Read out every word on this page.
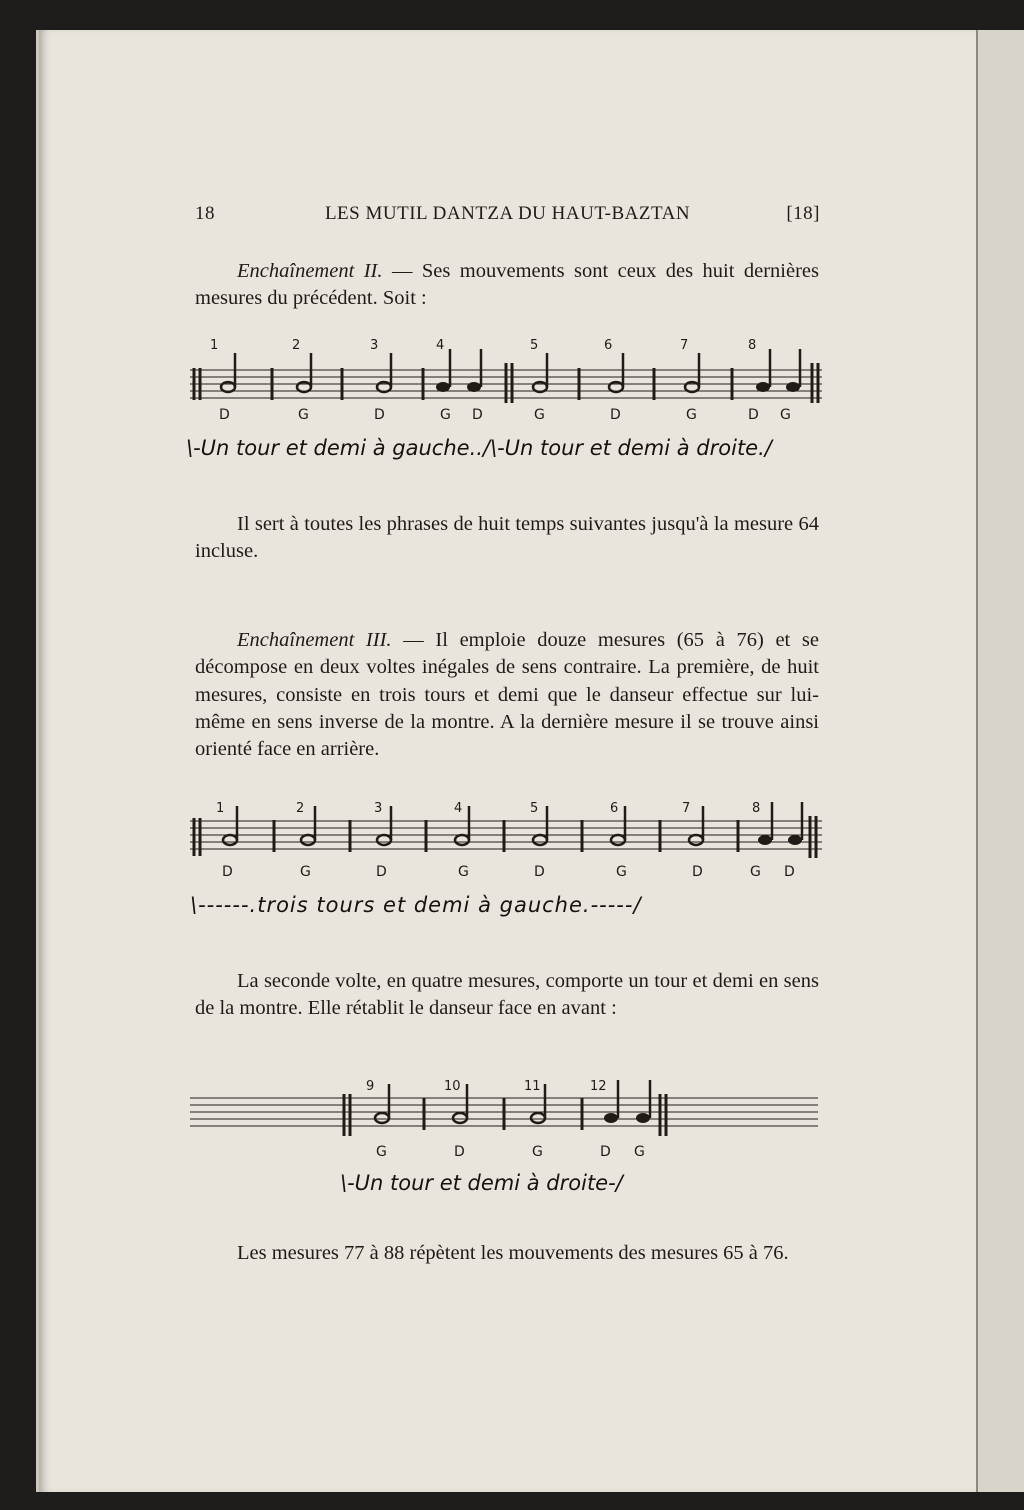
18	LES MUTIL DANTZA DU HAUT-BAZTAN	[18]

Enchaînement II. — Ses mouvements sont ceux des huit dernières mesures du précédent. Soit :

1	2	3	4	5	6	7	8
D	G	D	G D	G	D	G	D G
\-Un tour et demi à gauche../\-Un tour et demi à droite./

Il sert à toutes les phrases de huit temps suivantes jusqu'à la mesure 64 incluse.

Enchaînement III. — Il emploie douze mesures (65 à 76) et se décompose en deux voltes inégales de sens contraire. La première, de huit mesures, consiste en trois tours et demi que le danseur effectue sur lui-même en sens inverse de la montre. A la dernière mesure il se trouve ainsi orienté face en arrière.

1	2	3	4	5	6	7	8
D	G	D	G	D	G	D	G D
\------.trois tours et demi à gauche.-----/

La seconde volte, en quatre mesures, comporte un tour et demi en sens de la montre. Elle rétablit le danseur face en avant :

9	10	11	12
G	D	G	D G
\-Un tour et demi à droite-/

Les mesures 77 à 88 répètent les mouvements des mesures 65 à 76.
